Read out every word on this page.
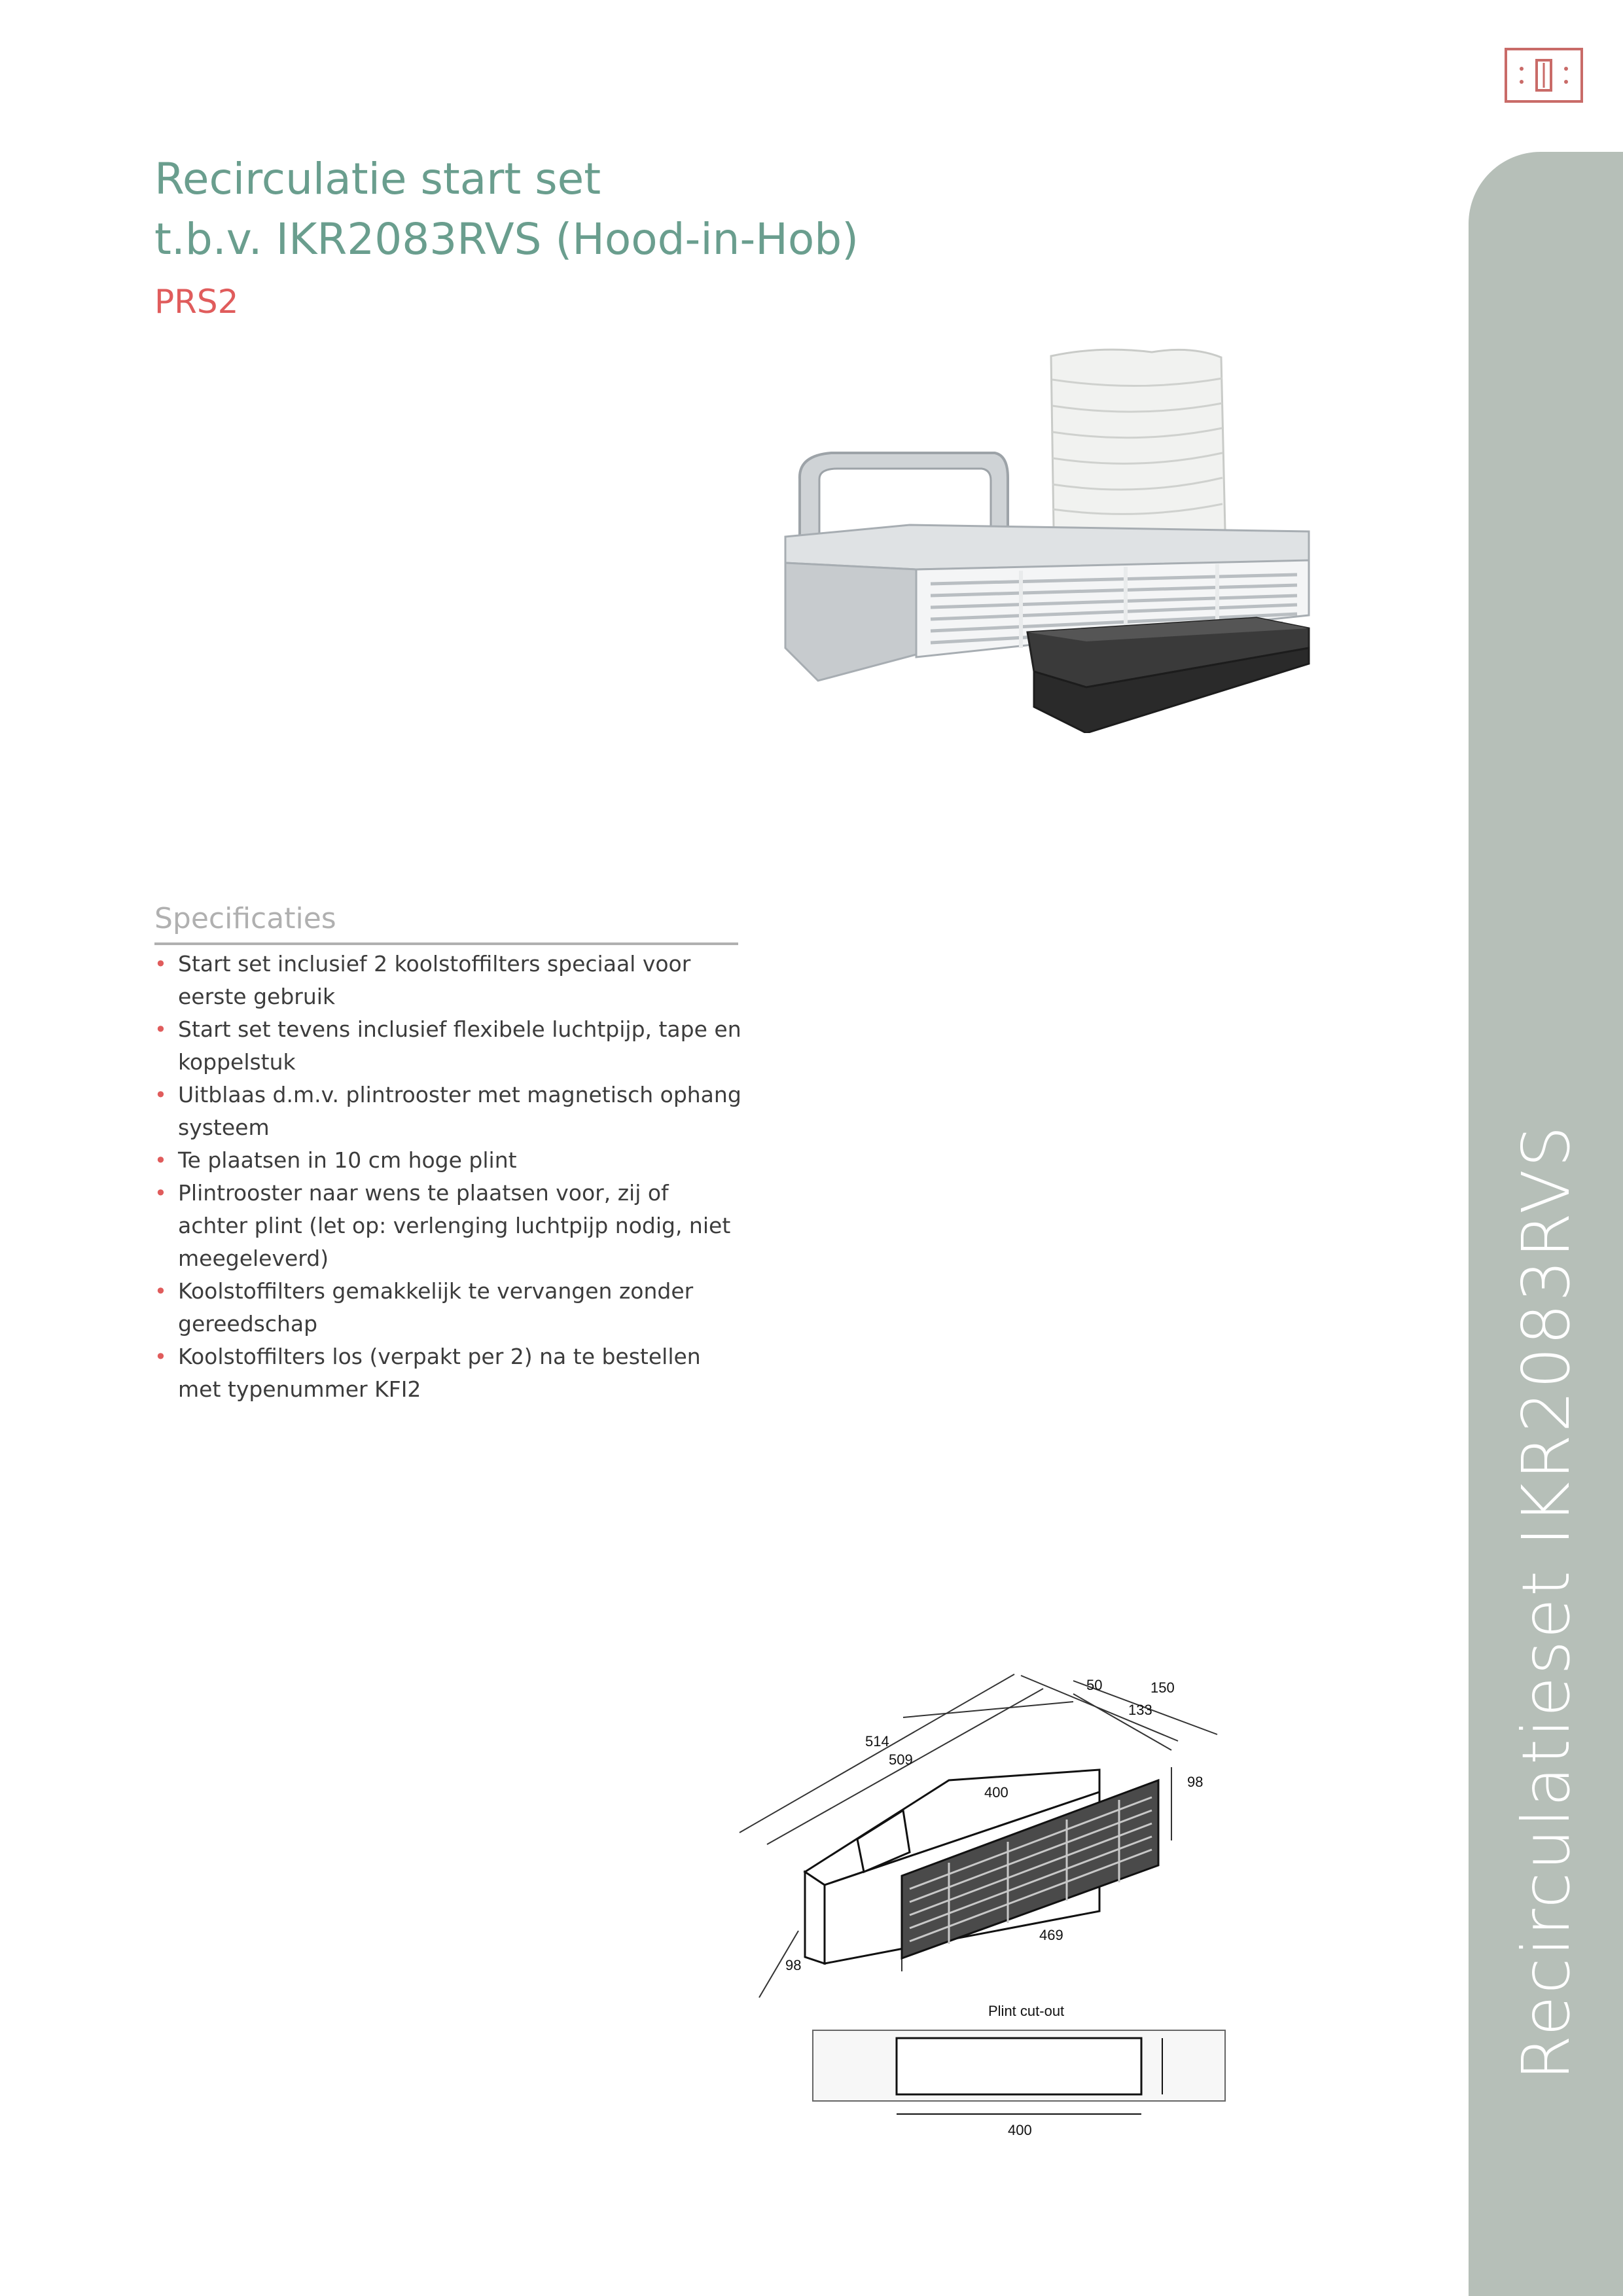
Recirculatieset IKR2083RVS
Recirculatie start set
t.b.v. IKR2083RVS (Hood-in-Hob)
PRS2
Specificaties
• Start set inclusief 2 koolstoffilters speciaal voor eerste gebruik
• Start set tevens inclusief flexibele luchtpijp, tape en koppelstuk
• Uitblaas d.m.v. plintrooster met magnetisch ophang systeem
• Te plaatsen in 10 cm hoge plint
• Plintrooster naar wens te plaatsen voor, zij of achter plint (let op: verlenging luchtpijp nodig, niet meegeleverd)
• Koolstoffilters gemakkelijk te vervangen zonder gereedschap
• Koolstoffilters los (verpakt per 2) na te bestellen met typenummer KFI2
514
509
400
50	150
133
98
98
469
Plint cut-out
400
